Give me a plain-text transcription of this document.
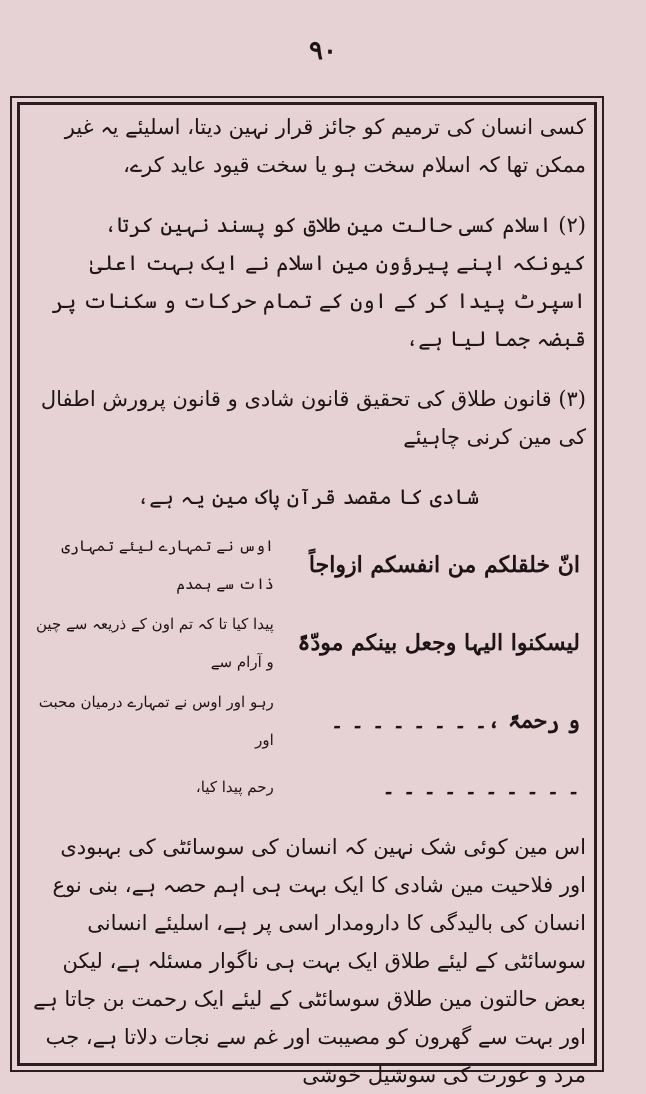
۹۰

کسی انسان کی ترمیم کو جائز قرار نہین دیتا، اسلیئے یہ غیر ممکن تھا کہ اسلام سخت ہو یا سخت قیود عاید کرے،

(۲) اسلام کسی حالت مین طلاق کو پسند نہین کرتا، کیونکہ اپنے پیرؤون مین اسلام نے ایک بہت اعلیٰ اسپرٹ پیدا کر کے اون کے تمام حرکات و سکنات پر قبضہ جما لیا ہے،

(۳) قانون طلاق کی تحقیق قانون شادی و قانون پرورش اطفال کی مین کرنی چاہیئے

شادی کا مقصد قرآن پاک مین یہ ہے،

انّ خلقلکم من انفسکم ازواجاً	اوس نے تمہارے لیئے تمہاری ذات سے ہمدم
لیسکنوا الیہا وجعل بینکم مودّۃً	پیدا کیا تا کہ تم اون کے ذریعہ سے چین و آرام سے
و رحمۃً ،۔ ۔ ۔ ۔ ۔ ۔ ۔ ۔	رہو اور اوس نے تمہارے درمیان محبت اور
۔ ۔ ۔ ۔ ۔ ۔ ۔ ۔ ۔ ۔	رحم پیدا کیا،

اس مین کوئی شک نہین کہ انسان کی سوسائٹی کی بہبودی اور فلاحیت مین شادی کا ایک بہت ہی اہم حصہ ہے، بنی نوع انسان کی بالیدگی کا دارومدار اسی پر ہے، اسلیئے انسانی سوسائٹی کے لیئے طلاق ایک بہت ہی ناگوار مسئلہ ہے، لیکن بعض حالتون مین طلاق سوسائٹی کے لیئے ایک رحمت بن جاتا ہے اور بہت سے گھرون کو مصیبت اور غم سے نجات دلاتا ہے، جب مرد و عورت کی سوشیل خوشی
